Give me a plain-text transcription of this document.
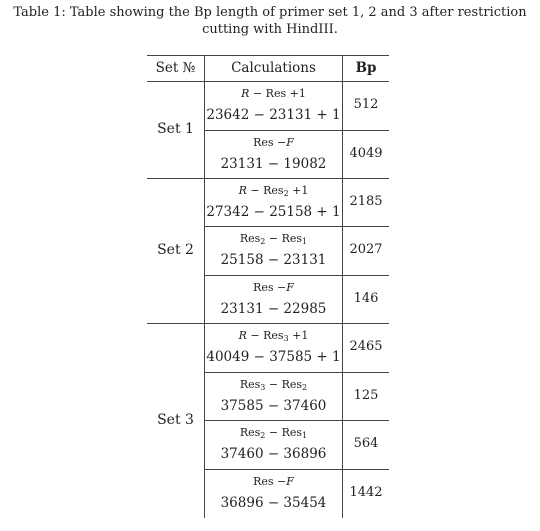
Table 1: Table showing the Bp length of primer set 1, 2 and 3 after restriction
cutting with HindIII.
Set №	Calculations	Bp
Set 1
Set 2
Set 3
R − Res +1
23642 − 23131 + 1
512
Res −F
23131 − 19082
4049
R − Res$_2$ +1
27342 − 25158 + 1
2185
Res$_2$ − Res$_1$
25158 − 23131
2027
Res −F
23131 − 22985
146
R − Res$_3$ +1
40049 − 37585 + 1
2465
Res$_3$ − Res$_2$
37585 − 37460
125
Res$_2$ − Res$_1$
37460 − 36896
564
Res −F
36896 − 35454
1442
